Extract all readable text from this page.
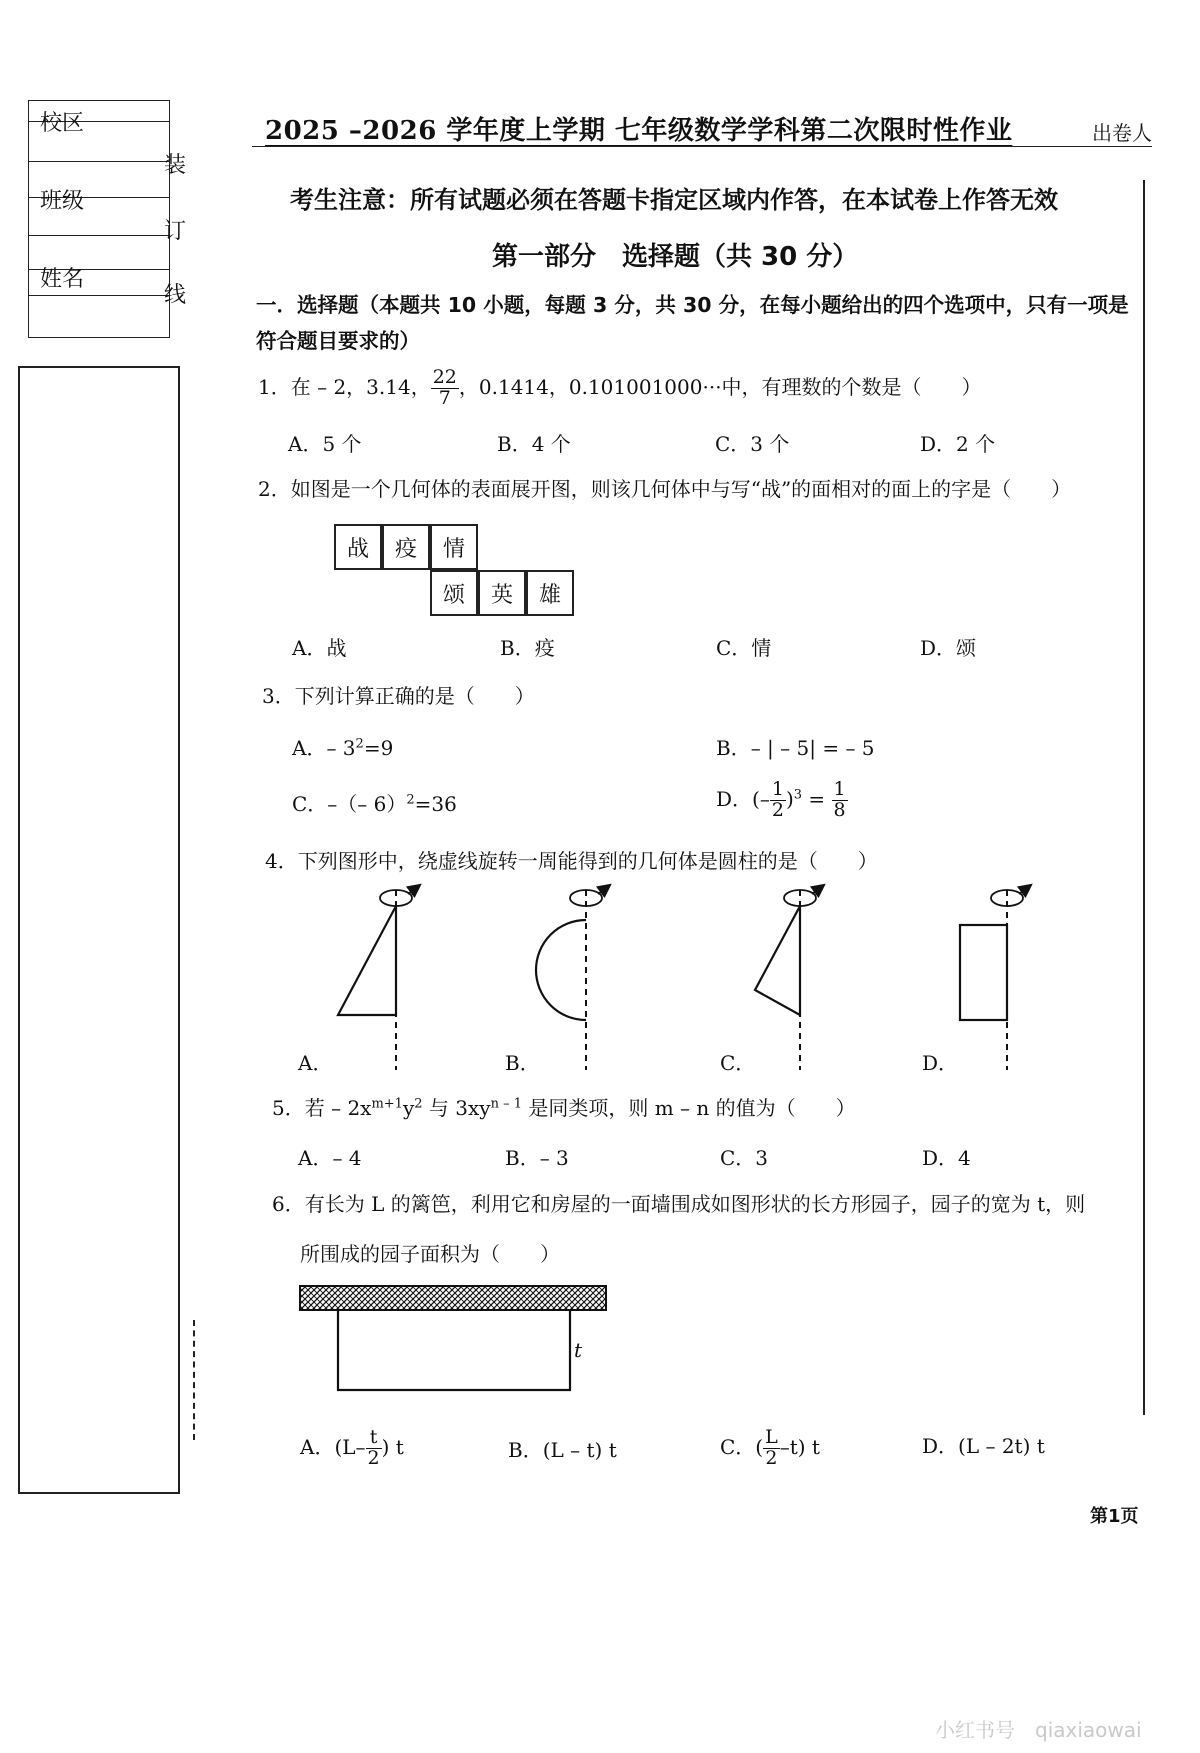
校区
班级
姓名
装
订
线
2025 –2026 学年度上学期 七年级数学学科第二次限时性作业	出卷人
考生注意：所有试题必须在答题卡指定区域内作答，在本试卷上作答无效
第一部分　选择题（共 30 分）
一．选择题（本题共 10 小题，每题 3 分，共 30 分，在每小题给出的四个选项中，只有一项是符合题目要求的）
1．在 – 2，3.14， $\frac{22}{7}$ ，0.1414，0.101001000···中，有理数的个数是（　　）
A．5 个	B．4 个	C．3 个	D．2 个
2．如图是一个几何体的表面展开图，则该几何体中与写“战”的面相对的面上的字是（　　）
战	疫	情
颂	英	雄
A．战	B．疫	C．情	D．颂
3．下列计算正确的是（　　）
A．– $3^2=9$	B．– | – 5| = – 5
C．–（– 6）$^2$=36	D．(– $\frac{1}{2} )^3 = \frac{1}{8}$
4．下列图形中，绕虚线旋转一周能得到的几何体是圆柱的是（　　）
A．	B．	C．	D．
5．若 – $2x^{m+1}y^2$ 与 $3xy^{n - 1}$ 是同类项，则 m – n 的值为（　　）
A．– 4	B．– 3	C．3	D．4
6．有长为 L 的篱笆，利用它和房屋的一面墙围成如图形状的长方形园子，园子的宽为 t，则
所围成的园子面积为（　　）
t
A．($L- \frac{t}{2}$ ) t	B．(L – t) t	C．( $\frac{L}{2} -t$) t	D．(L – 2t) t
第1页
小红书号　qiaxiaowai
